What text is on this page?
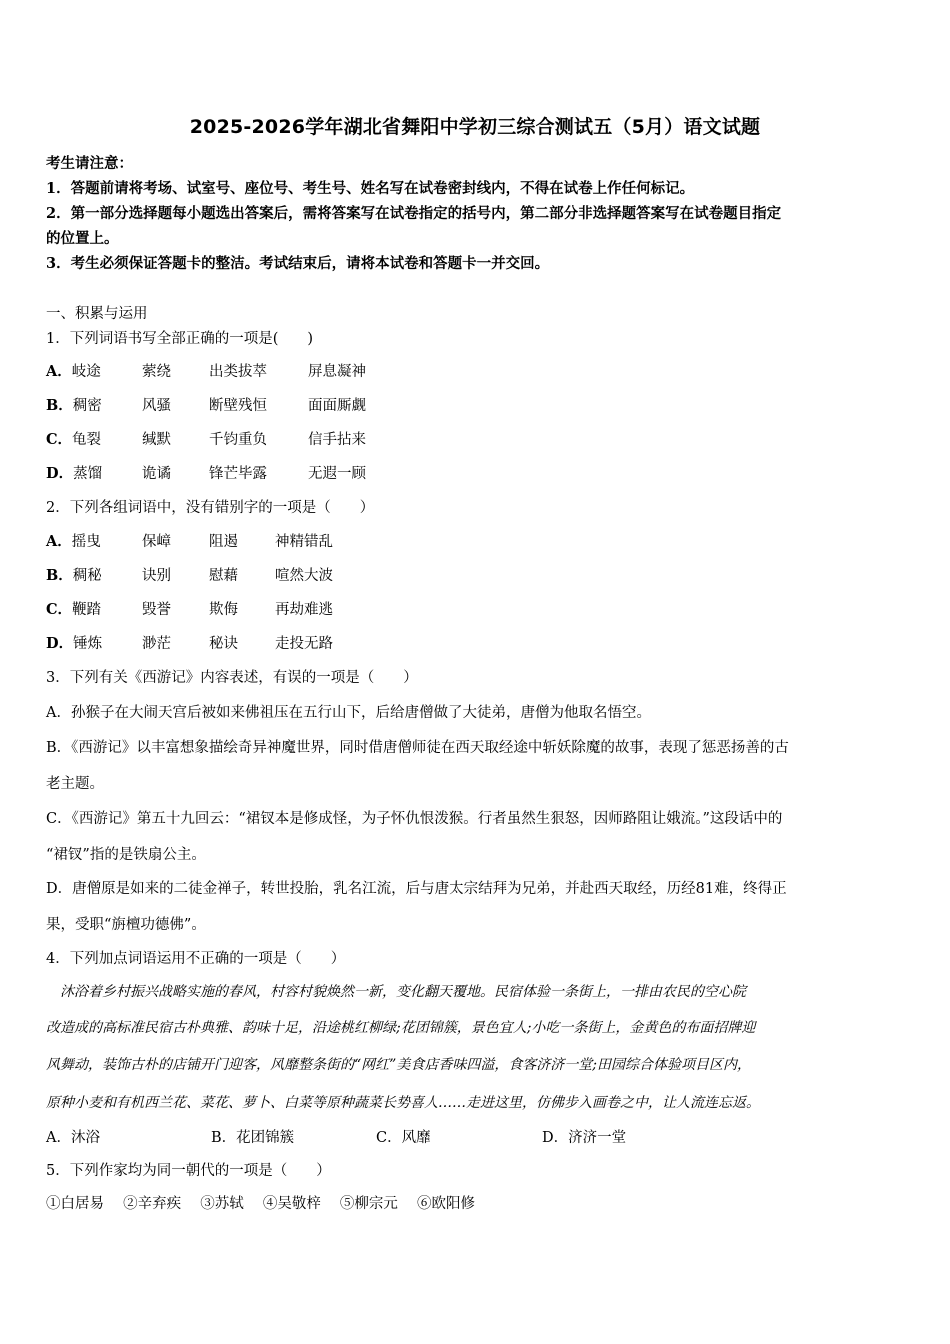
2025-2026学年湖北省舞阳中学初三综合测试五（5月）语文试题
考生请注意：
1．答题前请将考场、试室号、座位号、考生号、姓名写在试卷密封线内，不得在试卷上作任何标记。
2．第一部分选择题每小题选出答案后，需将答案写在试卷指定的括号内，第二部分非选择题答案写在试卷题目指定
的位置上。
3．考生必须保证答题卡的整洁。考试结束后，请将本试卷和答题卡一并交回。
一、积累与运用
1．下列词语书写全部正确的一项是(　　)
A．岐途	萦绕	出类拔萃	屏息凝神
B．稠密	风骚	断壁残恒	面面厮觑
C．龟裂	缄默	千钧重负	信手拈来
D．蒸馏	诡谲	锋芒毕露	无遐一顾
2．下列各组词语中，没有错别字的一项是（　　）
A．摇曳	保嶂	阻遏	神精错乱
B．稠秘	诀别	慰藉	喧然大波
C．鞭踏	毁誉	欺侮	再劫难逃
D．锤炼	渺茫	秘诀	走投无路
3．下列有关《西游记》内容表述，有误的一项是（　　）
A．孙猴子在大闹天宫后被如来佛祖压在五行山下，后给唐僧做了大徒弟，唐僧为他取名悟空。
B．《西游记》以丰富想象描绘奇异神魔世界，同时借唐僧师徒在西天取经途中斩妖除魔的故事，表现了惩恶扬善的古
老主题。
C．《西游记》第五十九回云：“裙钗本是修成怪，为子怀仇恨泼猴。行者虽然生狠怒，因师路阻让娥流。”这段话中的
“裙钗”指的是铁扇公主。
D．唐僧原是如来的二徒金禅子，转世投胎，乳名江流，后与唐太宗结拜为兄弟，并赴西天取经，历经81难，终得正
果，受职“旃檀功德佛”。
4．下列加点词语运用不正确的一项是（　　）
　沐浴着乡村振兴战略实施的春风，村容村貌焕然一新，变化翻天覆地。民宿体验一条街上，一排由农民的空心院
改造成的高标准民宿古朴典雅、韵味十足，沿途桃红柳绿;花团锦簇，景色宜人;小吃一条街上，金黄色的布面招牌迎
风舞动，装饰古朴的店铺开门迎客，风靡整条街的“网红”美食店香味四溢，食客济济一堂;田园综合体验项目区内，
原种小麦和有机西兰花、菜花、萝卜、白菜等原种蔬菜长势喜人……走进这里，仿佛步入画卷之中，让人流连忘返。
A．沐浴	B．花团锦簇	C．风靡	D．济济一堂
5．下列作家均为同一朝代的一项是（　　）
①白居易　 ②辛弃疾　 ③苏轼　 ④吴敬梓　 ⑤柳宗元　 ⑥欧阳修
